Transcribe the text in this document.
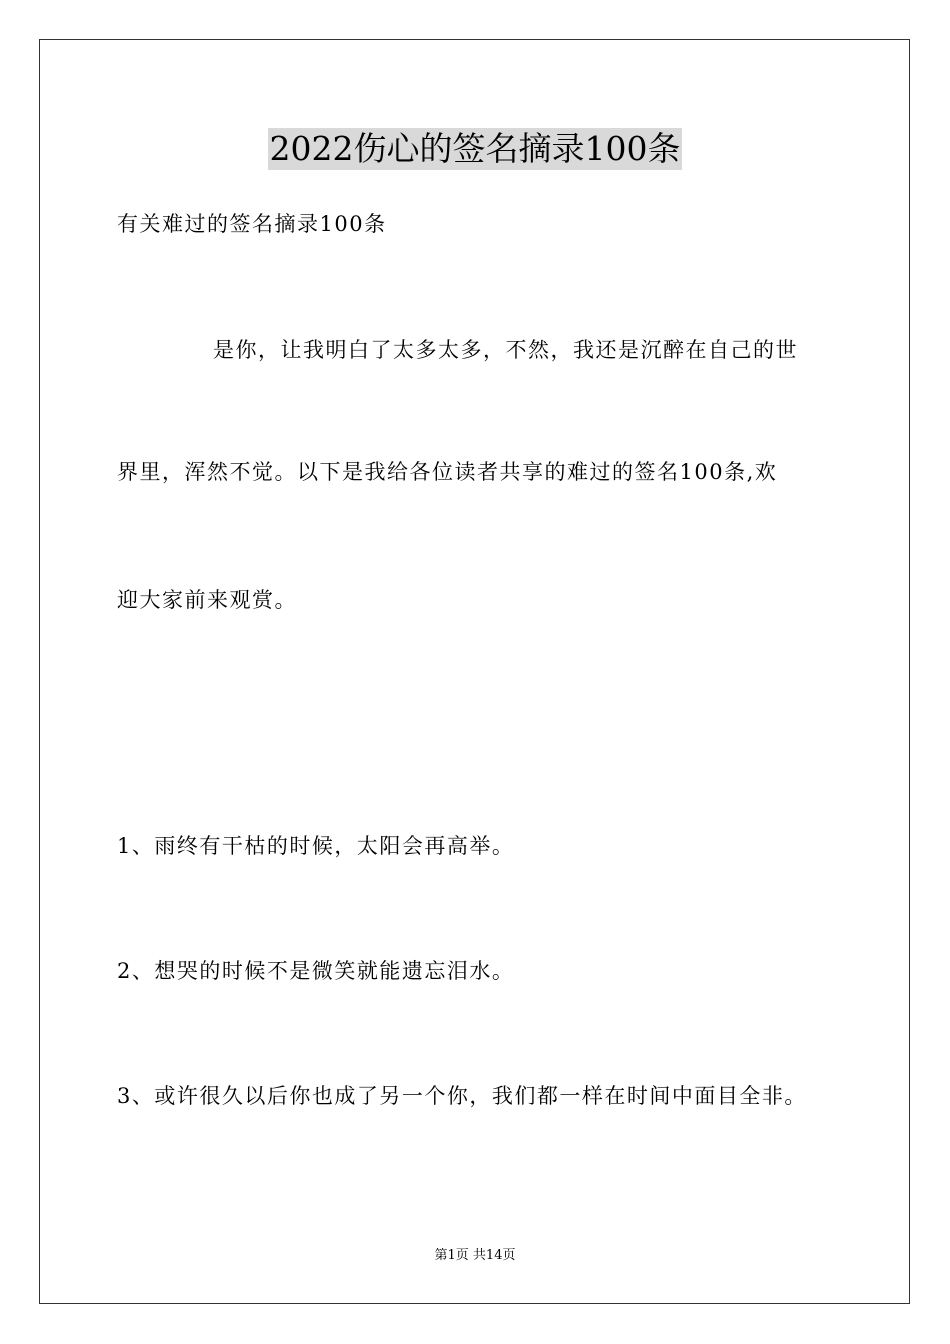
2022伤心的签名摘录100条
有关难过的签名摘录100条
是你，让我明白了太多太多，不然，我还是沉醉在自己的世
界里，浑然不觉。以下是我给各位读者共享的难过的签名100条,欢
迎大家前来观赏。
1、雨终有干枯的时候，太阳会再高举。
2、想哭的时候不是微笑就能遗忘泪水。
3、或许很久以后你也成了另一个你，我们都一样在时间中面目全非。
第1页 共14页
